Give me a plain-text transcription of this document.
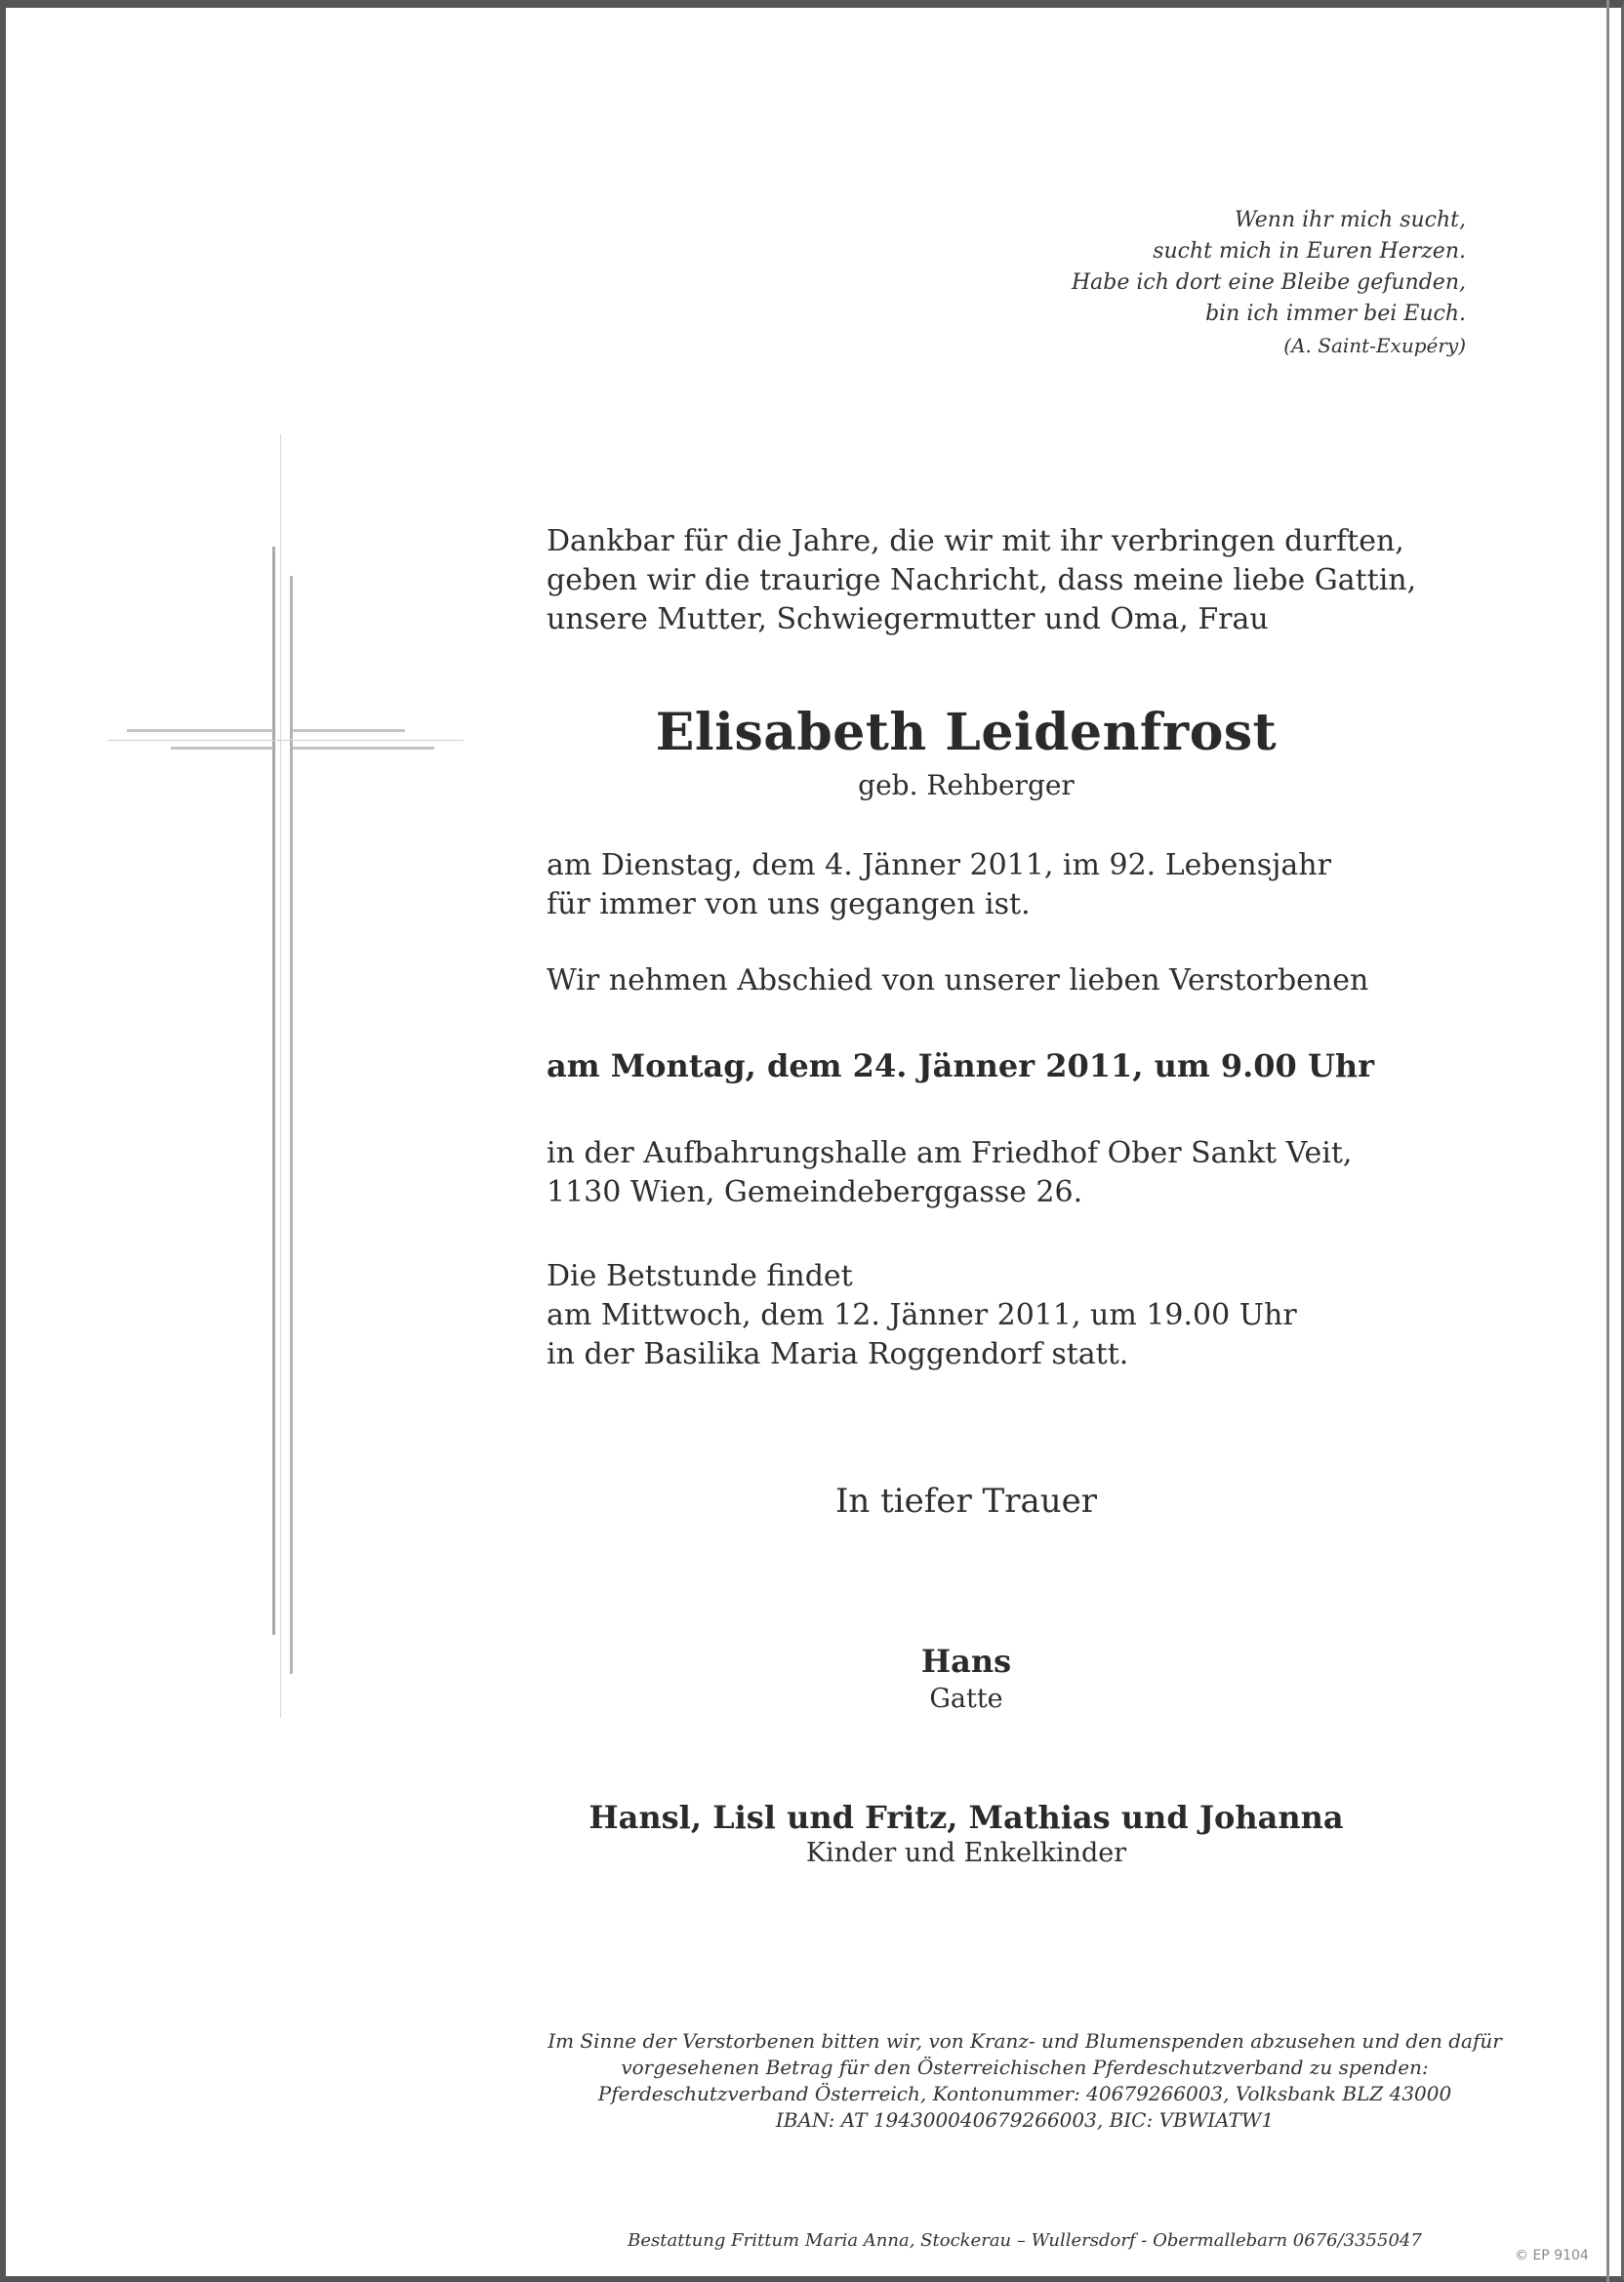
Wenn ihr mich sucht,
sucht mich in Euren Herzen.
Habe ich dort eine Bleibe gefunden,
bin ich immer bei Euch.
(A. Saint-Exupéry)
Dankbar für die Jahre, die wir mit ihr verbringen durften,
geben wir die traurige Nachricht, dass meine liebe Gattin,
unsere Mutter, Schwiegermutter und Oma, Frau
Elisabeth Leidenfrost
geb. Rehberger
am Dienstag, dem 4. Jänner 2011, im 92. Lebensjahr
für immer von uns gegangen ist.
Wir nehmen Abschied von unserer lieben Verstorbenen
am Montag, dem 24. Jänner 2011, um 9.00 Uhr
in der Aufbahrungshalle am Friedhof Ober Sankt Veit,
1130 Wien, Gemeindeberggasse 26.
Die Betstunde findet
am Mittwoch, dem 12. Jänner 2011, um 19.00 Uhr
in der Basilika Maria Roggendorf statt.
In tiefer Trauer
Hans
Gatte
Hansl, Lisl und Fritz, Mathias und Johanna
Kinder und Enkelkinder
Im Sinne der Verstorbenen bitten wir, von Kranz- und Blumenspenden abzusehen und den dafür
vorgesehenen Betrag für den Österreichischen Pferdeschutzverband zu spenden:
Pferdeschutzverband Österreich, Kontonummer: 40679266003, Volksbank BLZ 43000
IBAN: AT 194300040679266003, BIC: VBWIATW1
Bestattung Frittum Maria Anna, Stockerau – Wullersdorf - Obermallebarn 0676/3355047
© EP 9104
